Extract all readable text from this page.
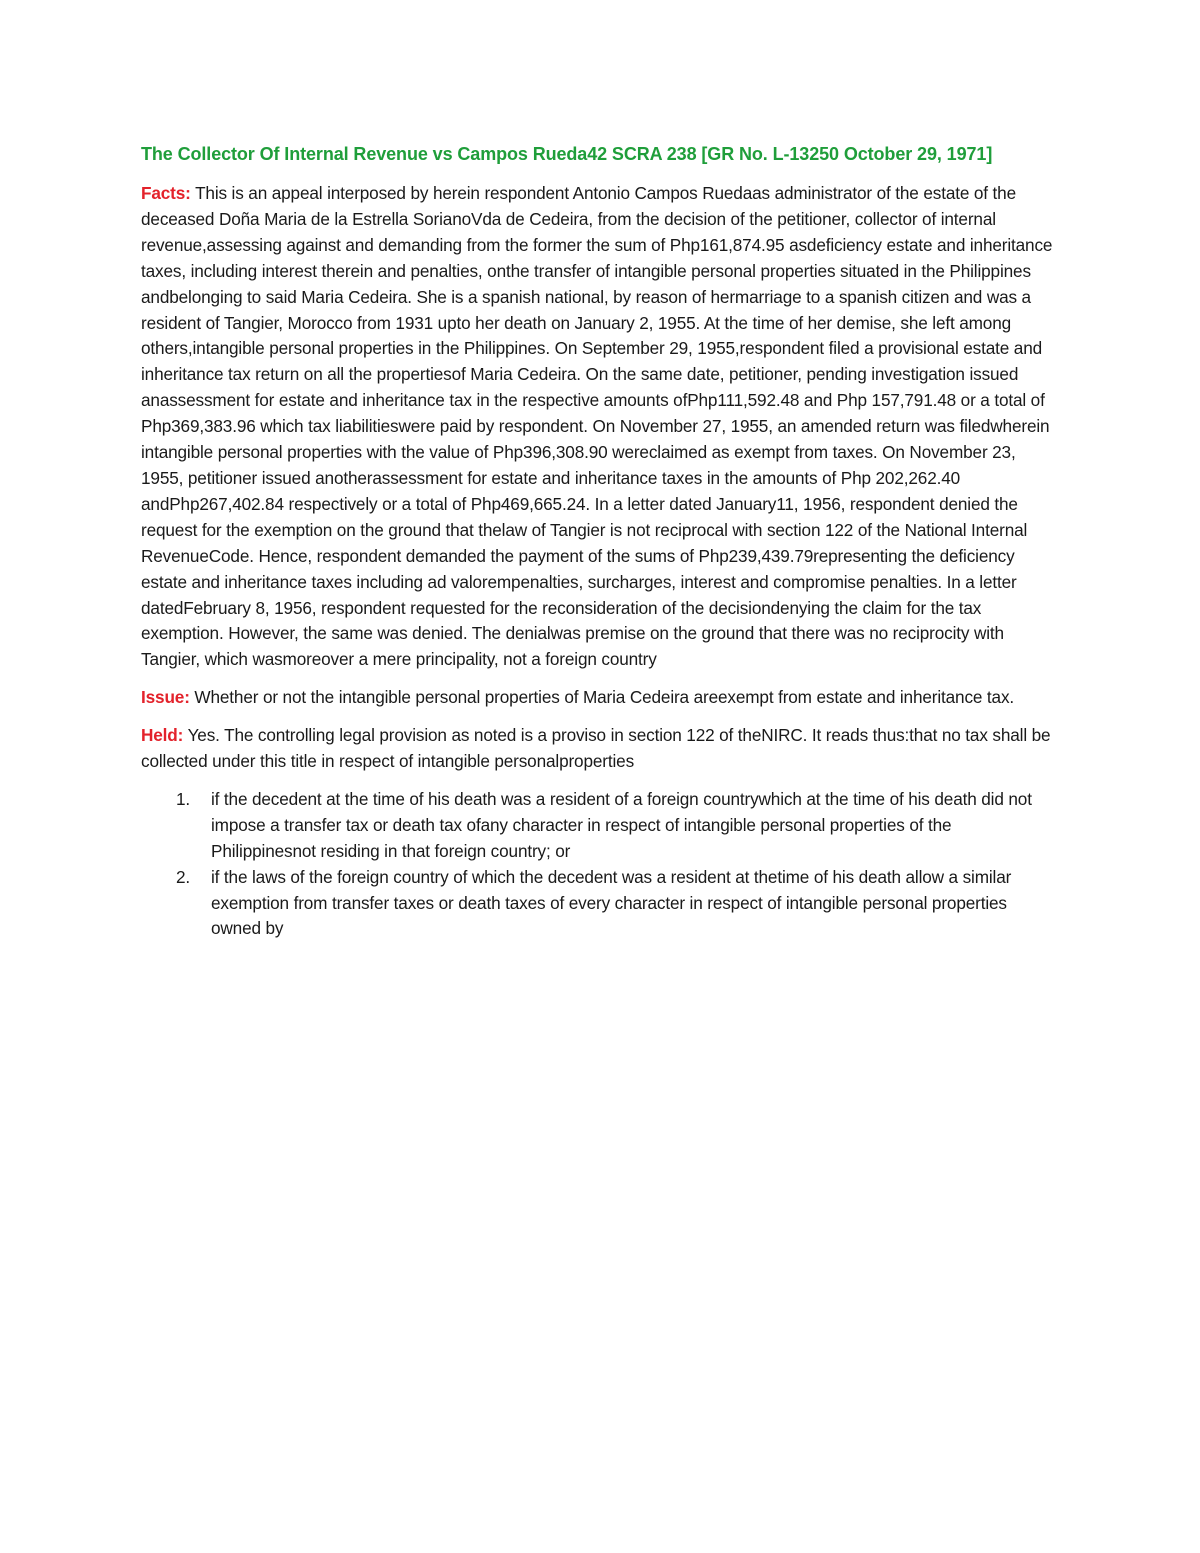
The Collector Of Internal Revenue vs Campos Rueda42 SCRA 238 [GR No. L-13250 October 29, 1971]

Facts: This is an appeal interposed by herein respondent Antonio Campos Ruedaas administrator of the estate of the deceased Doña Maria de la Estrella SorianoVda de Cedeira, from the decision of the petitioner, collector of internal revenue,assessing against and demanding from the former the sum of Php161,874.95 asdeficiency estate and inheritance taxes, including interest therein and penalties, onthe transfer of intangible personal properties situated in the Philippines andbelonging to said Maria Cedeira. She is a spanish national, by reason of hermarriage to a spanish citizen and was a resident of Tangier, Morocco from 1931 upto her death on January 2, 1955. At the time of her demise, she left among others,intangible personal properties in the Philippines. On September 29, 1955,respondent filed a provisional estate and inheritance tax return on all the propertiesof Maria Cedeira. On the same date, petitioner, pending investigation issued anassessment for estate and inheritance tax in the respective amounts ofPhp111,592.48 and Php 157,791.48 or a total of Php369,383.96 which tax liabilitieswere paid by respondent. On November 27, 1955, an amended return was filedwherein intangible personal properties with the value of Php396,308.90 wereclaimed as exempt from taxes. On November 23, 1955, petitioner issued anotherassessment for estate and inheritance taxes in the amounts of Php 202,262.40 andPhp267,402.84 respectively or a total of Php469,665.24. In a letter dated January11, 1956, respondent denied the request for the exemption on the ground that thelaw of Tangier is not reciprocal with section 122 of the National Internal RevenueCode. Hence, respondent demanded the payment of the sums of Php239,439.79representing the deficiency estate and inheritance taxes including ad valorempenalties, surcharges, interest and compromise penalties. In a letter datedFebruary 8, 1956, respondent requested for the reconsideration of the decisiondenying the claim for the tax exemption. However, the same was denied. The denialwas premise on the ground that there was no reciprocity with Tangier, which wasmoreover a mere principality, not a foreign country

Issue: Whether or not the intangible personal properties of Maria Cedeira areexempt from estate and inheritance tax.

Held: Yes. The controlling legal provision as noted is a proviso in section 122 of theNIRC. It reads thus:that no tax shall be collected under this title in respect of intangible personalproperties

1. if the decedent at the time of his death was a resident of a foreign countrywhich at the time of his death did not impose a transfer tax or death tax ofany character in respect of intangible personal properties of the Philippinesnot residing in that foreign country; or
2. if the laws of the foreign country of which the decedent was a resident at thetime of his death allow a similar exemption from transfer taxes or death taxes of every character in respect of intangible personal properties owned by
